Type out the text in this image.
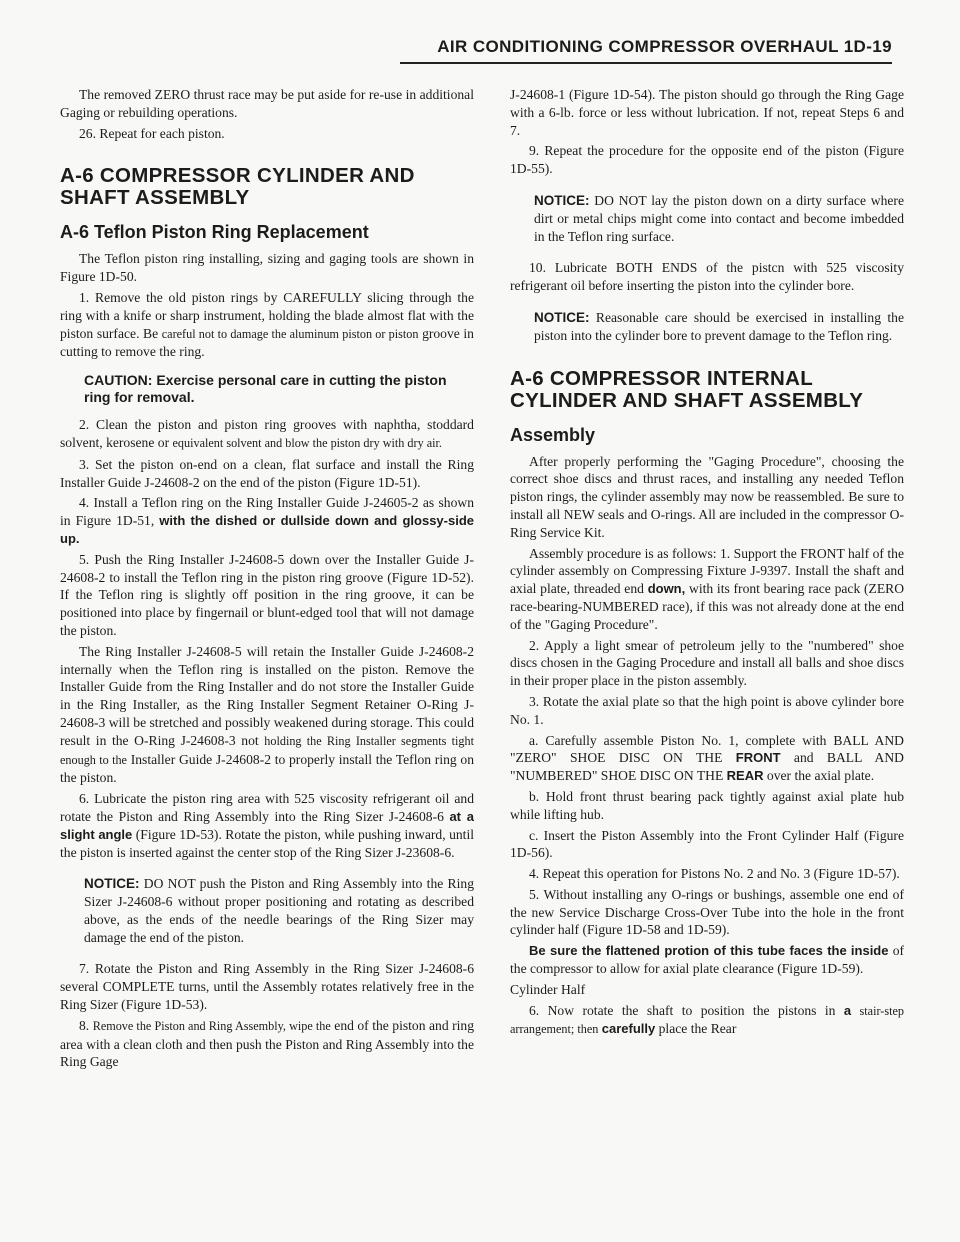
AIR CONDITIONING COMPRESSOR OVERHAUL 1D-19

The removed ZERO thrust race may be put aside for re-use in additional Gaging or rebuilding operations.

26. Repeat for each piston.

A-6 COMPRESSOR CYLINDER AND SHAFT ASSEMBLY
A-6 Teflon Piston Ring Replacement

The Teflon piston ring installing, sizing and gaging tools are shown in Figure 1D-50.

1. Remove the old piston rings by CAREFULLY slicing through the ring with a knife or sharp instrument, holding the blade almost flat with the piston surface. Be careful not to damage the aluminum piston or piston groove in cutting to remove the ring.

CAUTION: Exercise personal care in cutting the piston ring for removal.

2. Clean the piston and piston ring grooves with naphtha, stoddard solvent, kerosene or equivalent solvent and blow the piston dry with dry air.

3. Set the piston on-end on a clean, flat surface and install the Ring Installer Guide J-24608-2 on the end of the piston (Figure 1D-51).

4. Install a Teflon ring on the Ring Installer Guide J-24605-2 as shown in Figure 1D-51, with the dished or dullside down and glossy-side up.

5. Push the Ring Installer J-24608-5 down over the Installer Guide J-24608-2 to install the Teflon ring in the piston ring groove (Figure 1D-52). If the Teflon ring is slightly off position in the ring groove, it can be positioned into place by fingernail or blunt-edged tool that will not damage the piston.

The Ring Installer J-24608-5 will retain the Installer Guide J-24608-2 internally when the Teflon ring is installed on the piston. Remove the Installer Guide from the Ring Installer and do not store the Installer Guide in the Ring Installer, as the Ring Installer Segment Retainer O-Ring J-24608-3 will be stretched and possibly weakened during storage. This could result in the O-Ring J-24608-3 not holding the Ring Installer segments tight enough to the Installer Guide J-24608-2 to properly install the Teflon ring on the piston.

6. Lubricate the piston ring area with 525 viscosity refrigerant oil and rotate the Piston and Ring Assembly into the Ring Sizer J-24608-6 at a slight angle (Figure 1D-53). Rotate the piston, while pushing inward, until the piston is inserted against the center stop of the Ring Sizer J-23608-6.

NOTICE: DO NOT push the Piston and Ring Assembly into the Ring Sizer J-24608-6 without proper positioning and rotating as described above, as the ends of the needle bearings of the Ring Sizer may damage the end of the piston.

7. Rotate the Piston and Ring Assembly in the Ring Sizer J-24608-6 several COMPLETE turns, until the Assembly rotates relatively free in the Ring Sizer (Figure 1D-53).

8. Remove the Piston and Ring Assembly, wipe the end of the piston and ring area with a clean cloth and then push the Piston and Ring Assembly into the Ring Gage

J-24608-1 (Figure 1D-54). The piston should go through the Ring Gage with a 6-lb. force or less without lubrication. If not, repeat Steps 6 and 7.

9. Repeat the procedure for the opposite end of the piston (Figure 1D-55).

NOTICE: DO NOT lay the piston down on a dirty surface where dirt or metal chips might come into contact and become imbedded in the Teflon ring surface.

10. Lubricate BOTH ENDS of the pistcn with 525 viscosity refrigerant oil before inserting the piston into the cylinder bore.

NOTICE: Reasonable care should be exercised in installing the piston into the cylinder bore to prevent damage to the Teflon ring.

A-6 COMPRESSOR INTERNAL CYLINDER AND SHAFT ASSEMBLY
Assembly

After properly performing the "Gaging Procedure", choosing the correct shoe discs and thrust races, and installing any needed Teflon piston rings, the cylinder assembly may now be reassembled. Be sure to install all NEW seals and O-rings. All are included in the compressor O-Ring Service Kit.

Assembly procedure is as follows: 1. Support the FRONT half of the cylinder assembly on Compressing Fixture J-9397. Install the shaft and axial plate, threaded end down, with its front bearing race pack (ZERO race-bearing-NUMBERED race), if this was not already done at the end of the "Gaging Procedure".

2. Apply a light smear of petroleum jelly to the "numbered" shoe discs chosen in the Gaging Procedure and install all balls and shoe discs in their proper place in the piston assembly.

3. Rotate the axial plate so that the high point is above cylinder bore No. 1.

a. Carefully assemble Piston No. 1, complete with BALL AND "ZERO" SHOE DISC ON THE FRONT and BALL AND "NUMBERED" SHOE DISC ON THE REAR over the axial plate.

b. Hold front thrust bearing pack tightly against axial plate hub while lifting hub.

c. Insert the Piston Assembly into the Front Cylinder Half (Figure 1D-56).

4. Repeat this operation for Pistons No. 2 and No. 3 (Figure 1D-57).

5. Without installing any O-rings or bushings, assemble one end of the new Service Discharge Cross-Over Tube into the hole in the front cylinder half (Figure 1D-58 and 1D-59).

Be sure the flattened protion of this tube faces the inside of the compressor to allow for axial plate clearance (Figure 1D-59).

Cylinder Half

6. Now rotate the shaft to position the pistons in a stair-step arrangement; then carefully place the Rear
